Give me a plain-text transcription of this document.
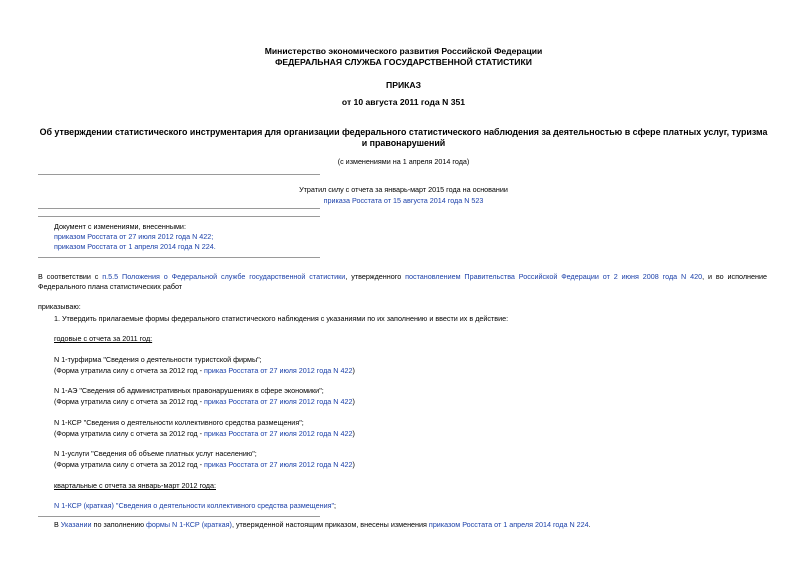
Министерство экономического развития Российской Федерации
ФЕДЕРАЛЬНАЯ СЛУЖБА ГОСУДАРСТВЕННОЙ СТАТИСТИКИ
ПРИКАЗ
от 10 августа 2011 года N 351
Об утверждении статистического инструментария для организации федерального статистического наблюдения за деятельностью в сфере платных услуг, туризма
и правонарушений
(с изменениями на 1 апреля 2014 года)
Утратил силу с отчета за январь-март 2015 года на основании
приказа Росстата от 15 августа 2014 года N 523
Документ с изменениями, внесенными:
приказом Росстата от 27 июля 2012 года N 422;
приказом Росстата от 1 апреля 2014 года N 224.
В соответствии с п.5.5 Положения о Федеральной службе государственной статистики, утвержденного постановлением Правительства Российской Федерации от 2 июня 2008 года N 420, и во исполнение
Федерального плана статистических работ
приказываю:
1. Утвердить прилагаемые формы федерального статистического наблюдения с указаниями по их заполнению и ввести их в действие:
годовые с отчета за 2011 год:
N 1-турфирма "Сведения о деятельности туристской фирмы";
(Форма утратила силу с отчета за 2012 год - приказ Росстата от 27 июля 2012 года N 422)
N 1-АЭ "Сведения об административных правонарушениях в сфере экономики";
(Форма утратила силу с отчета за 2012 год - приказ Росстата от 27 июля 2012 года N 422)
N 1-КСР "Сведения о деятельности коллективного средства размещения";
(Форма утратила силу с отчета за 2012 год - приказ Росстата от 27 июля 2012 года N 422)
N 1-услуги "Сведения об объеме платных услуг населению";
(Форма утратила силу с отчета за 2012 год - приказ Росстата от 27 июля 2012 года N 422)
квартальные с отчета за январь-март 2012 года:
N 1-КСР (краткая) "Сведения о деятельности коллективного средства размещения";
В Указании по заполнению формы N 1-КСР (краткая), утвержденной настоящим приказом, внесены изменения приказом Росстата от 1 апреля 2014 года N 224.
